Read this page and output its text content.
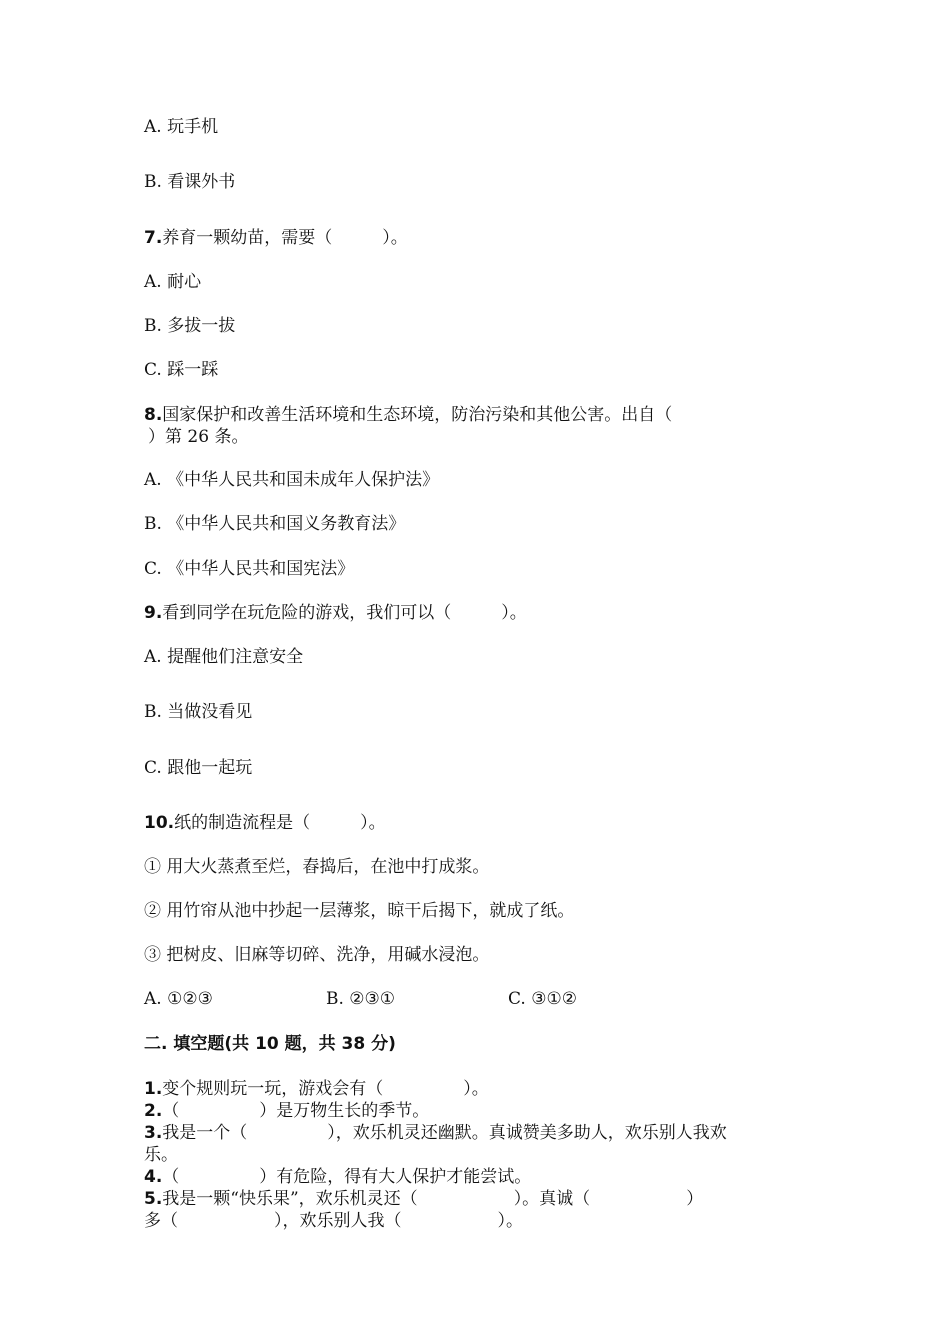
A. 玩手机
B. 看课外书
7.养育一颗幼苗，需要（	）。
A. 耐心
B. 多拔一拔
C. 踩一踩
8.国家保护和改善生活环境和生态环境，防治污染和其他公害。出自（
）第 26 条。
A. 《中华人民共和国未成年人保护法》
B. 《中华人民共和国义务教育法》
C. 《中华人民共和国宪法》
9.看到同学在玩危险的游戏，我们可以（	）。
A. 提醒他们注意安全
B. 当做没看见
C. 跟他一起玩
10.纸的制造流程是（	）。
① 用大火蒸煮至烂，舂捣后，在池中打成浆。
② 用竹帘从池中抄起一层薄浆，晾干后揭下，就成了纸。
③ 把树皮、旧麻等切碎、洗净，用碱水浸泡。
A. ①②③	B. ②③①	C. ③①②
二. 填空题(共 10 题，共 38 分)
1.变个规则玩一玩，游戏会有（	）。
2.（	）是万物生长的季节。
3.我是一个（	），欢乐机灵还幽默。真诚赞美多助人，欢乐别人我欢
乐。
4.（	）有危险，得有大人保护才能尝试。
5.我是一颗“快乐果”，欢乐机灵还（	）。真诚（	）
多（	），欢乐别人我（	）。
